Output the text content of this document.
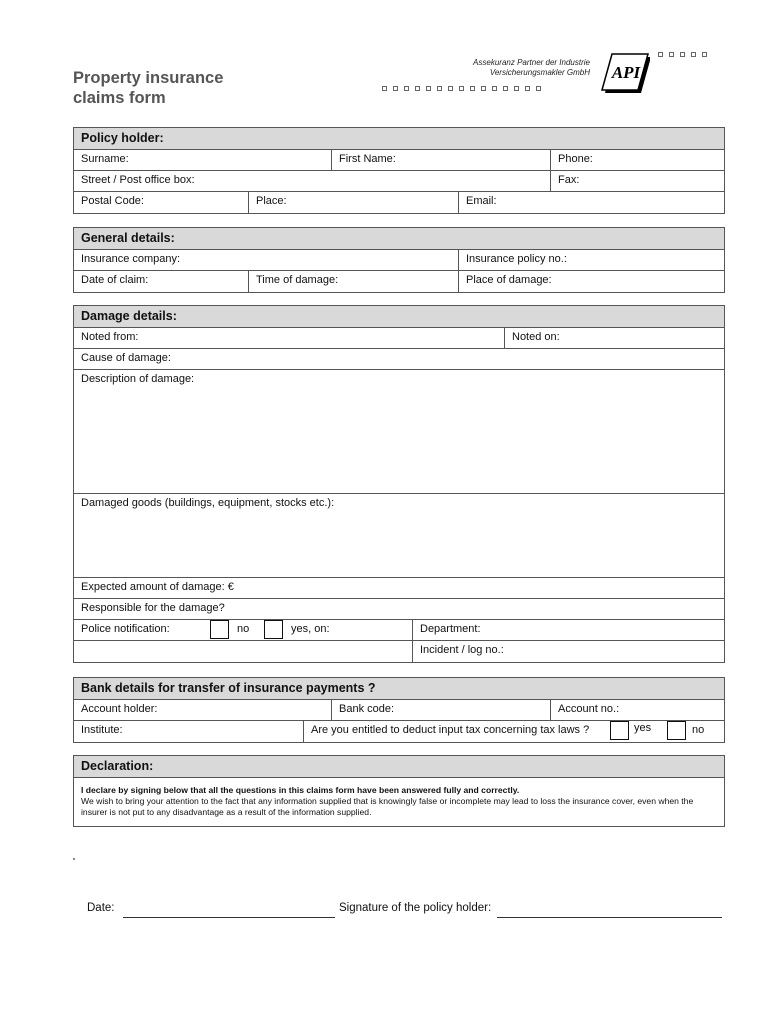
Property insurance
claims form
Assekuranz Partner der Industrie
Versicherungsmakler GmbH API
Policy holder:
Surname:	First Name:	Phone:
Street / Post office box:	Fax:
Postal Code:	Place:	Email:
General details:
Insurance company:	Insurance policy no.:
Date of claim:	Time of damage:	Place of damage:
Damage details:
Noted from:	Noted on:
Cause of damage:
Description of damage:
Damaged goods (buildings, equipment, stocks etc.):
Expected amount of damage: €
Responsible for the damage?
Police notification:	no	yes, on:	Department:
Incident / log no.:
Bank details for transfer of insurance payments ?
Account holder:	Bank code:	Account no.:
Institute:	Are you entitled to deduct input tax concerning tax laws ?	yes	no
Declaration:
I declare by signing below that all the questions in this claims form have been answered fully and correctly.
We wish to bring your attention to the fact that any information supplied that is knowingly false or incomplete may lead to loss the insurance cover, even when the insurer is not put to any disadvantage as a result of the information supplied.
Date:	Signature of the policy holder:
